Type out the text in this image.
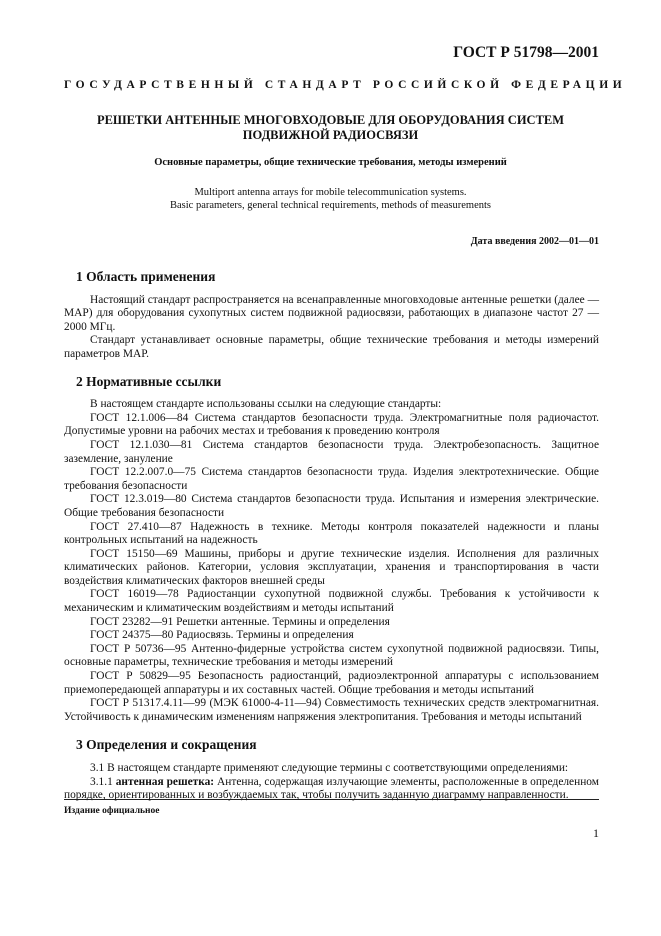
ГОСТ Р 51798—2001
ГОСУДАРСТВЕННЫЙ СТАНДАРТ РОССИЙСКОЙ ФЕДЕРАЦИИ
РЕШЕТКИ АНТЕННЫЕ МНОГОВХОДОВЫЕ ДЛЯ ОБОРУДОВАНИЯ СИСТЕМ
ПОДВИЖНОЙ РАДИОСВЯЗИ
Основные параметры, общие технические требования, методы измерений
Multiport antenna arrays for mobile telecommunication systems.
Basic parameters, general technical requirements, methods of measurements
Дата введения 2002—01—01
1 Область применения

Настоящий стандарт распространяется на всенаправленные многовходовые антенные решетки (далее — МАР) для оборудования сухопутных систем подвижной радиосвязи, работающих в диапазоне частот 27 — 2000 МГц.

Стандарт устанавливает основные параметры, общие технические требования и методы измерений параметров МАР.

2 Нормативные ссылки

В настоящем стандарте использованы ссылки на следующие стандарты:

ГОСТ 12.1.006—84 Система стандартов безопасности труда. Электромагнитные поля радиочастот. Допустимые уровни на рабочих местах и требования к проведению контроля

ГОСТ 12.1.030—81 Система стандартов безопасности труда. Электробезопасность. Защитное заземление, зануление

ГОСТ 12.2.007.0—75 Система стандартов безопасности труда. Изделия электротехнические. Общие требования безопасности

ГОСТ 12.3.019—80 Система стандартов безопасности труда. Испытания и измерения электрические. Общие требования безопасности

ГОСТ 27.410—87 Надежность в технике. Методы контроля показателей надежности и планы контрольных испытаний на надежность

ГОСТ 15150—69 Машины, приборы и другие технические изделия. Исполнения для различных климатических районов. Категории, условия эксплуатации, хранения и транспортирования в части воздействия климатических факторов внешней среды

ГОСТ 16019—78 Радиостанции сухопутной подвижной службы. Требования к устойчивости к механическим и климатическим воздействиям и методы испытаний

ГОСТ 23282—91 Решетки антенные. Термины и определения

ГОСТ 24375—80 Радиосвязь. Термины и определения

ГОСТ Р 50736—95 Антенно-фидерные устройства систем сухопутной подвижной радиосвязи. Типы, основные параметры, технические требования и методы измерений

ГОСТ Р 50829—95 Безопасность радиостанций, радиоэлектронной аппаратуры с использованием приемопередающей аппаратуры и их составных частей. Общие требования и методы испытаний

ГОСТ Р 51317.4.11—99 (МЭК 61000-4-11—94) Совместимость технических средств электромагнитная. Устойчивость к динамическим изменениям напряжения электропитания. Требования и методы испытаний

3 Определения и сокращения

3.1 В настоящем стандарте применяют следующие термины с соответствующими определениями:

3.1.1 антенная решетка: Антенна, содержащая излучающие элементы, расположенные в определенном порядке, ориентированных и возбуждаемых так, чтобы получить заданную диаграмму направленности.

Издание официальное
1
